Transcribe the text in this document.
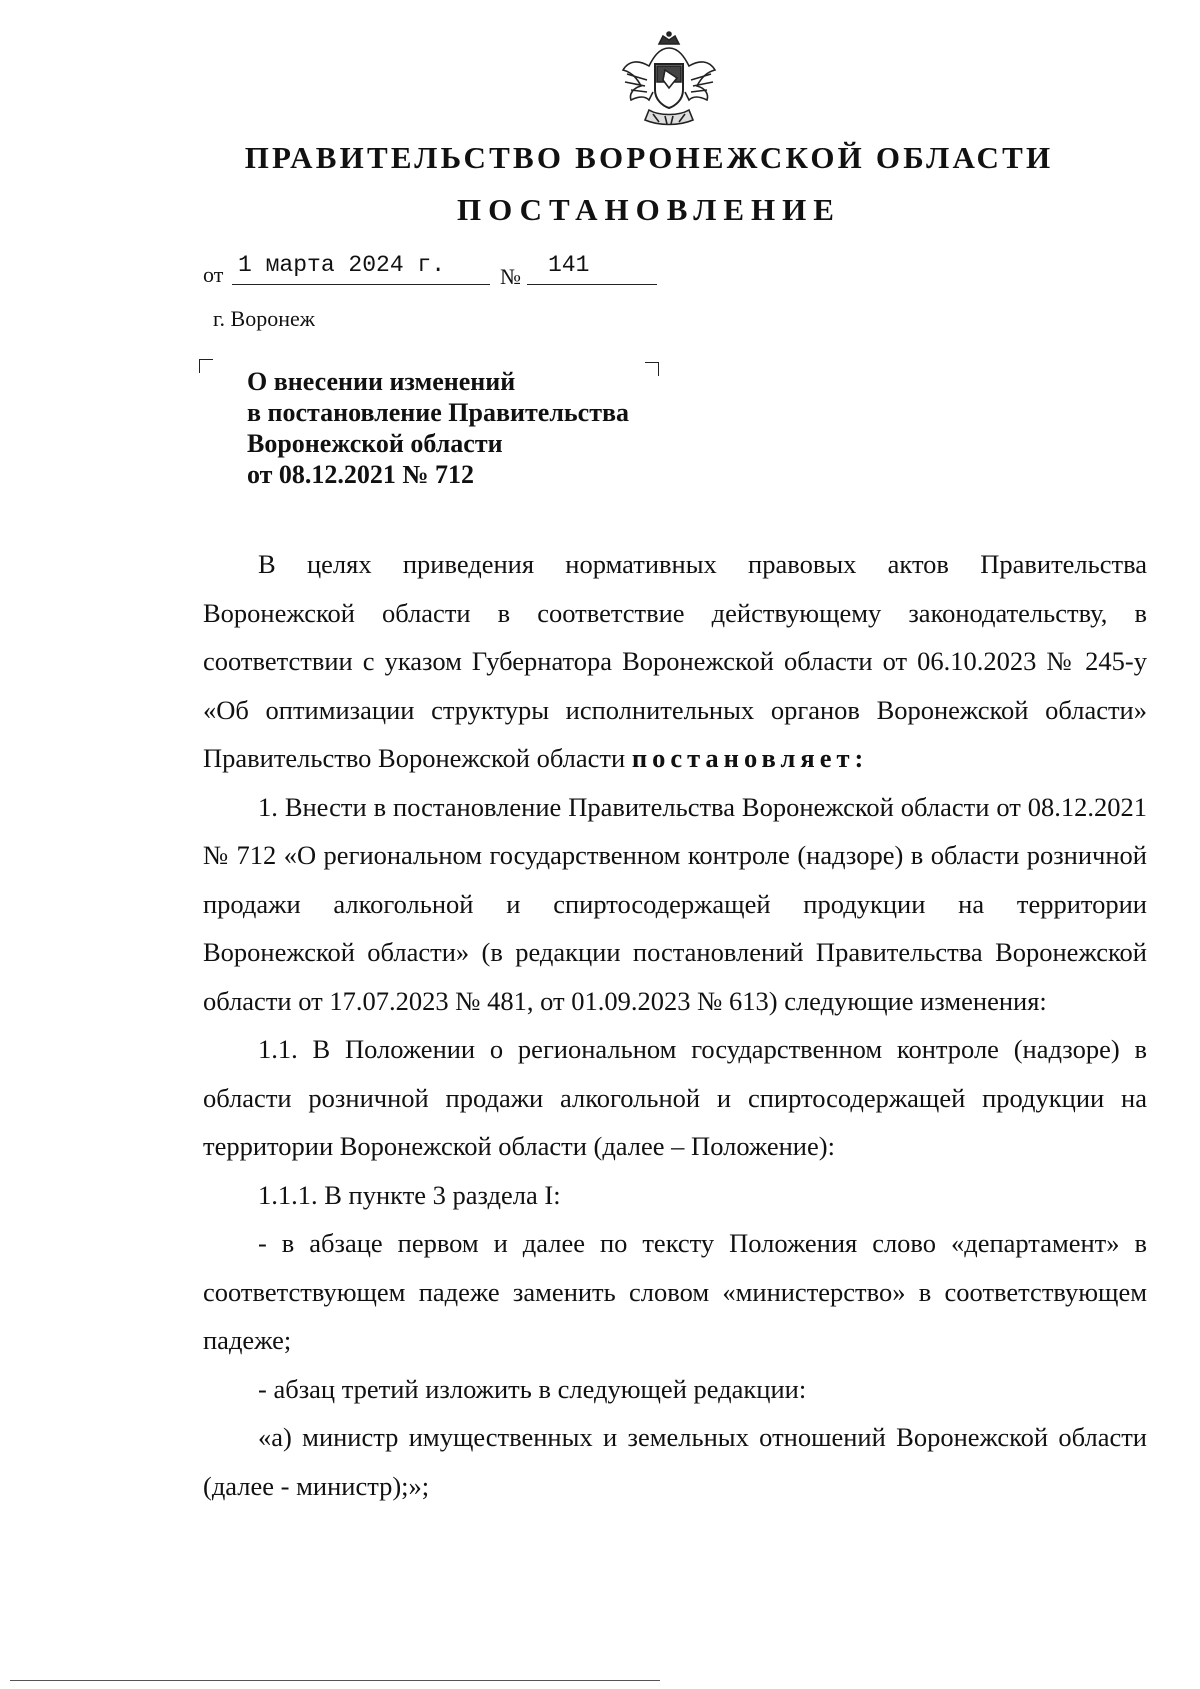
ПРАВИТЕЛЬСТВО ВОРОНЕЖСКОЙ ОБЛАСТИ
ПОСТАНОВЛЕНИЕ
от 1 марта 2024 г. № 141
г. Воронеж
О внесении изменений
в постановление Правительства
Воронежской области
от 08.12.2021 № 712

В целях приведения нормативных правовых актов Правительства Воронежской области в соответствие действующему законодательству, в соответствии с указом Губернатора Воронежской области от 06.10.2023 № 245-у «Об оптимизации структуры исполнительных органов Воронежской области» Правительство Воронежской области постановляет:

1. Внести в постановление Правительства Воронежской области от 08.12.2021 № 712 «О региональном государственном контроле (надзоре) в области розничной продажи алкогольной и спиртосодержащей продукции на территории Воронежской области» (в редакции постановлений Правительства Воронежской области от 17.07.2023 № 481, от 01.09.2023 № 613) следующие изменения:

1.1. В Положении о региональном государственном контроле (надзоре) в области розничной продажи алкогольной и спиртосодержащей продукции на территории Воронежской области (далее – Положение):

1.1.1. В пункте 3 раздела I:

- в абзаце первом и далее по тексту Положения слово «департамент» в соответствующем падеже заменить словом «министерство» в соответствующем падеже;

- абзац третий изложить в следующей редакции:

«а) министр имущественных и земельных отношений Воронежской области (далее - министр);»;
